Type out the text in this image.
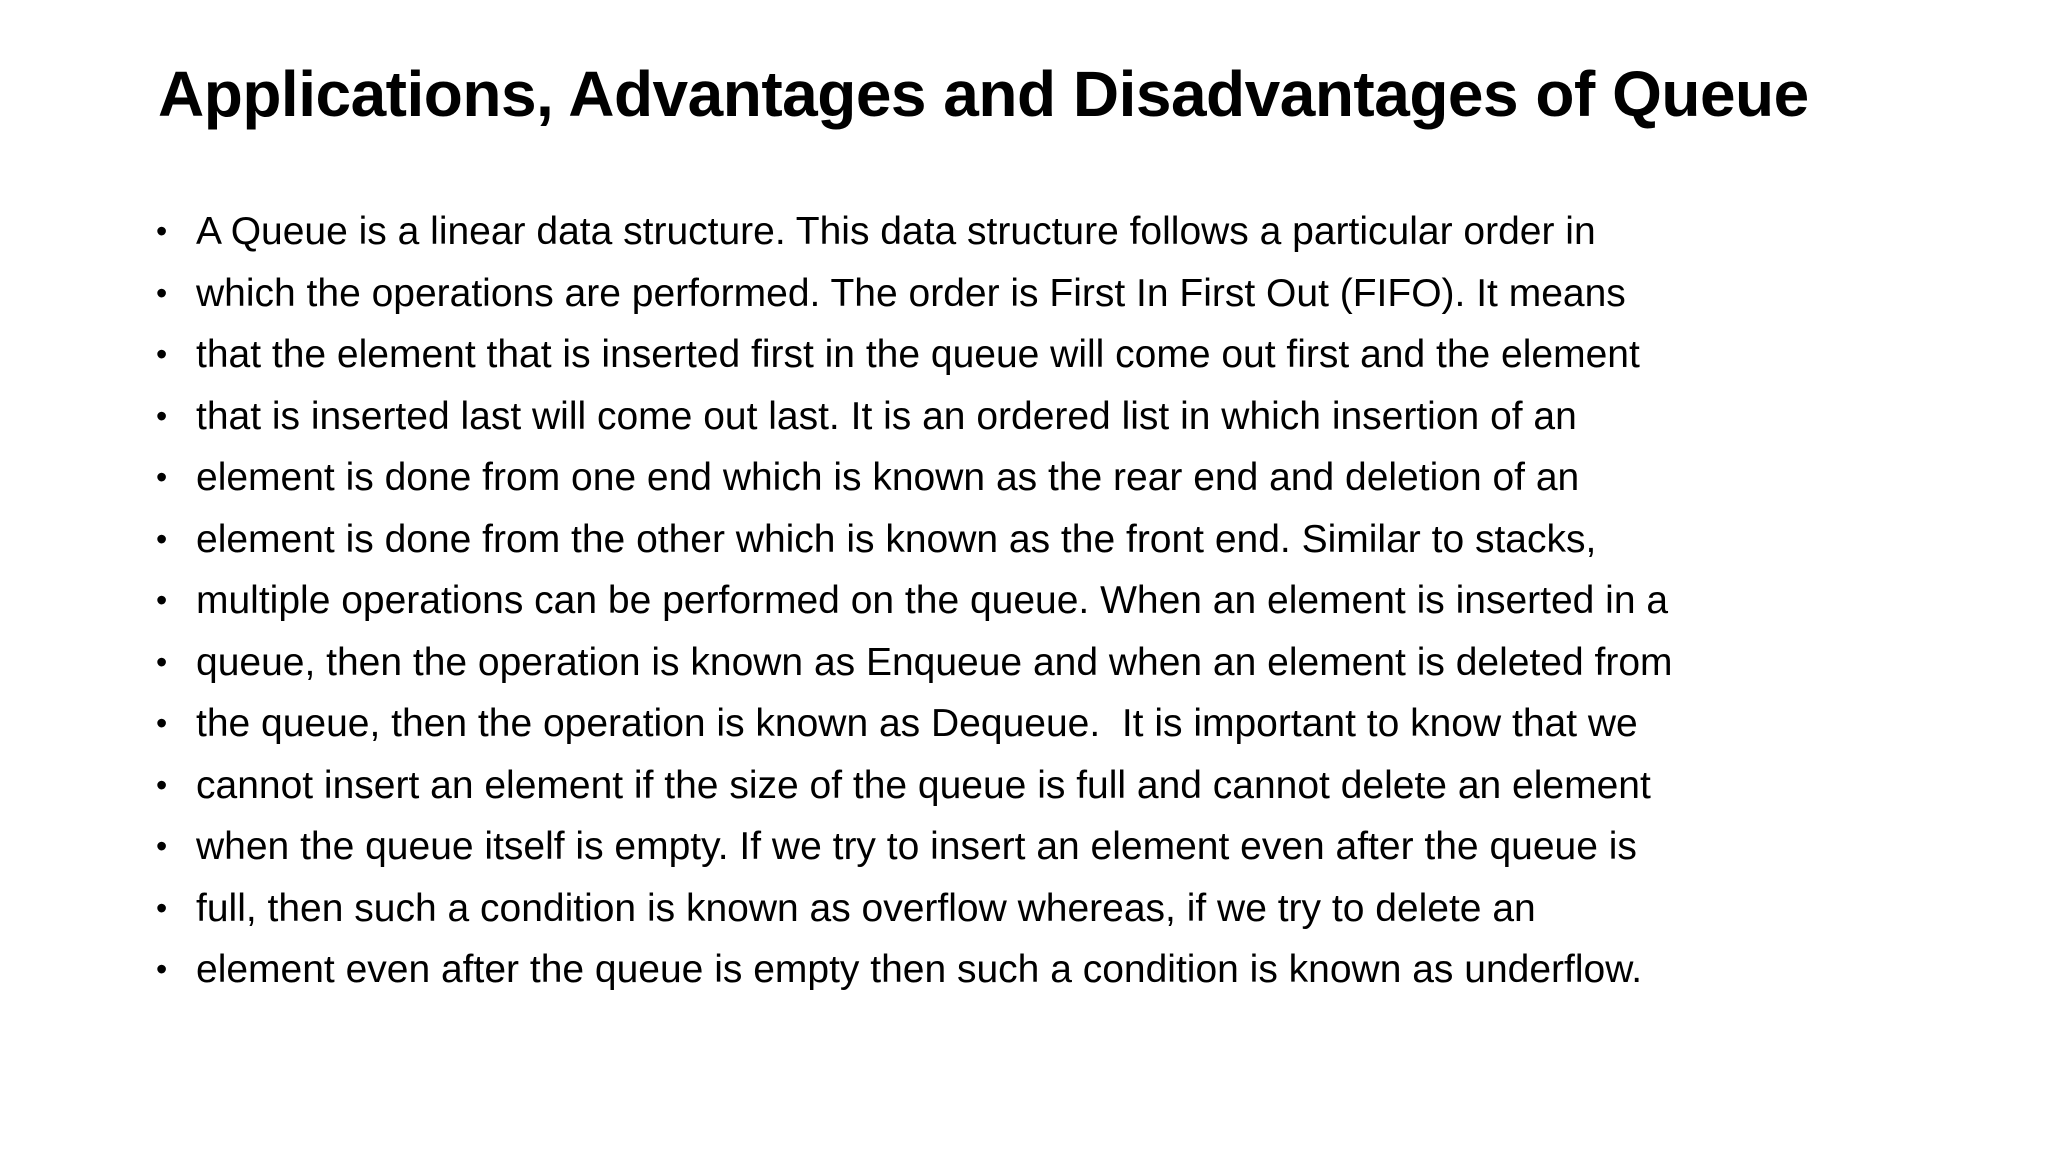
Applications, Advantages and Disadvantages of Queue
• A Queue is a linear data structure. This data structure follows a particular order in
• which the operations are performed. The order is First In First Out (FIFO). It means
• that the element that is inserted first in the queue will come out first and the element
• that is inserted last will come out last. It is an ordered list in which insertion of an
• element is done from one end which is known as the rear end and deletion of an
• element is done from the other which is known as the front end. Similar to stacks,
• multiple operations can be performed on the queue. When an element is inserted in a
• queue, then the operation is known as Enqueue and when an element is deleted from
• the queue, then the operation is known as Dequeue.  It is important to know that we
• cannot insert an element if the size of the queue is full and cannot delete an element
• when the queue itself is empty. If we try to insert an element even after the queue is
• full, then such a condition is known as overflow whereas, if we try to delete an
• element even after the queue is empty then such a condition is known as underflow.
